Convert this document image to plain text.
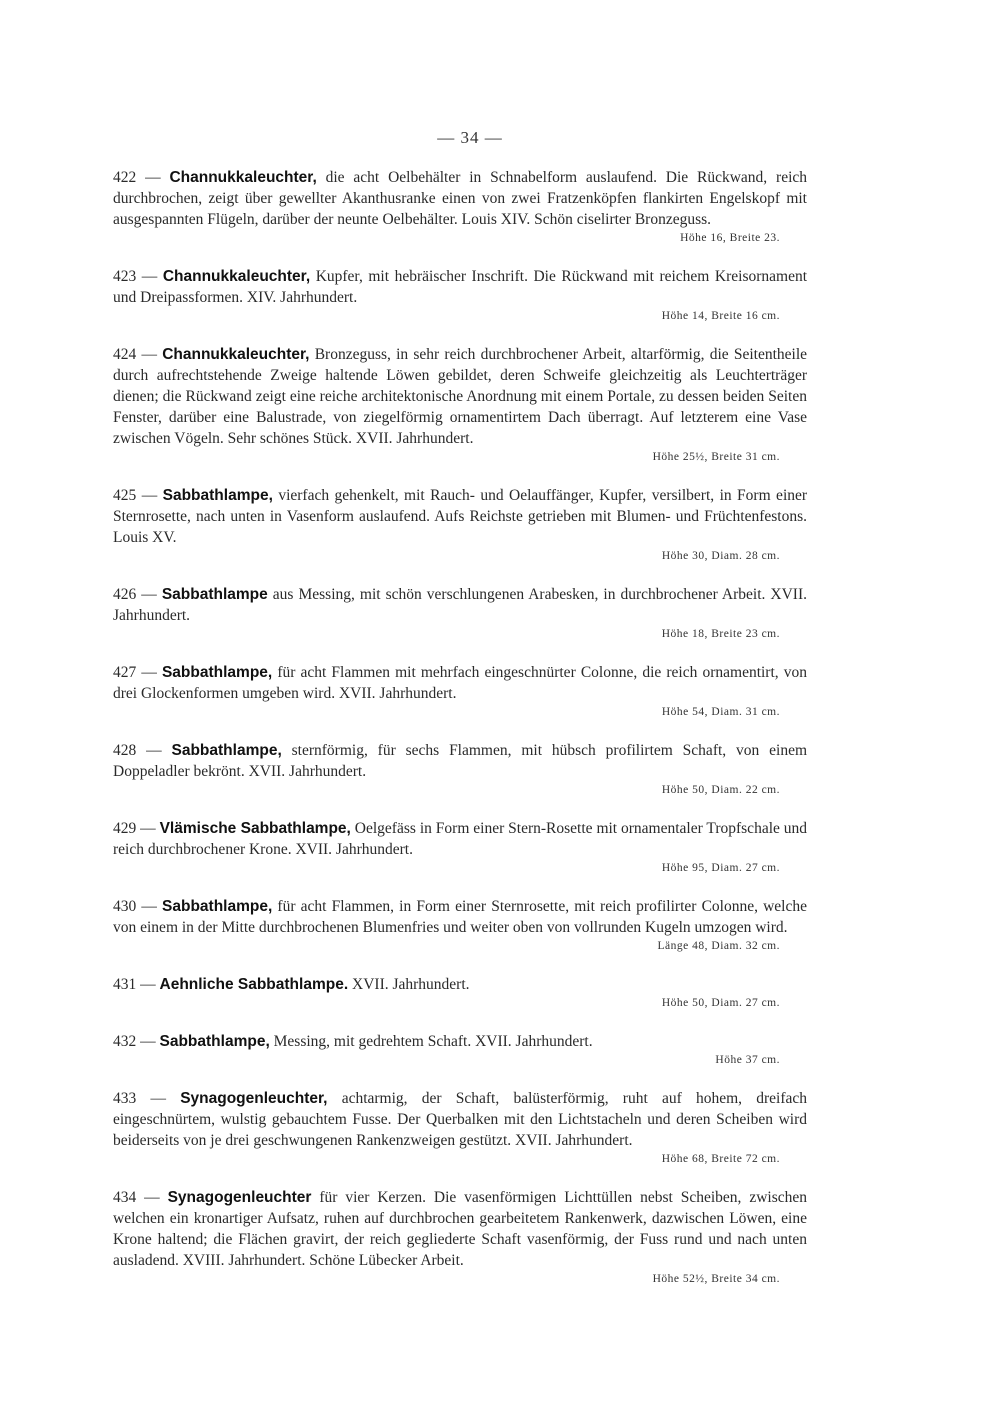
— 34 —

422 — Channukkaleuchter, die acht Oelbehälter in Schnabelform auslaufend. Die Rückwand, reich durchbrochen, zeigt über gewellter Akanthusranke einen von zwei Fratzenköpfen flankirten Engelskopf mit ausgespannten Flügeln, darüber der neunte Oelbehälter. Louis XIV. Schön ciselirter Bronzeguss.
Höhe 16, Breite 23.

423 — Channukkaleuchter, Kupfer, mit hebräischer Inschrift. Die Rückwand mit reichem Kreisornament und Dreipassformen. XIV. Jahrhundert.
Höhe 14, Breite 16 cm.

424 — Channukkaleuchter, Bronzeguss, in sehr reich durchbrochener Arbeit, altarförmig, die Seitentheile durch aufrechtstehende Zweige haltende Löwen gebildet, deren Schweife gleichzeitig als Leuchterträger dienen; die Rückwand zeigt eine reiche architektonische Anordnung mit einem Portale, zu dessen beiden Seiten Fenster, darüber eine Balustrade, von ziegelförmig ornamentirtem Dach überragt. Auf letzterem eine Vase zwischen Vögeln. Sehr schönes Stück. XVII. Jahrhundert.
Höhe 25½, Breite 31 cm.

425 — Sabbathlampe, vierfach gehenkelt, mit Rauch- und Oelauffänger, Kupfer, versilbert, in Form einer Sternrosette, nach unten in Vasenform auslaufend. Aufs Reichste getrieben mit Blumen- und Früchtenfestons. Louis XV.
Höhe 30, Diam. 28 cm.

426 — Sabbathlampe aus Messing, mit schön verschlungenen Arabesken, in durchbrochener Arbeit. XVII. Jahrhundert.
Höhe 18, Breite 23 cm.

427 — Sabbathlampe, für acht Flammen mit mehrfach eingeschnürter Colonne, die reich ornamentirt, von drei Glockenformen umgeben wird. XVII. Jahrhundert.
Höhe 54, Diam. 31 cm.

428 — Sabbathlampe, sternförmig, für sechs Flammen, mit hübsch profilirtem Schaft, von einem Doppeladler bekrönt. XVII. Jahrhundert.
Höhe 50, Diam. 22 cm.

429 — Vlämische Sabbathlampe, Oelgefäss in Form einer Stern-Rosette mit ornamentaler Tropfschale und reich durchbrochener Krone. XVII. Jahrhundert.
Höhe 95, Diam. 27 cm.

430 — Sabbathlampe, für acht Flammen, in Form einer Sternrosette, mit reich profilirter Colonne, welche von einem in der Mitte durchbrochenen Blumenfries und weiter oben von vollrunden Kugeln umzogen wird.
Länge 48, Diam. 32 cm.

431 — Aehnliche Sabbathlampe. XVII. Jahrhundert.
Höhe 50, Diam. 27 cm.

432 — Sabbathlampe, Messing, mit gedrehtem Schaft. XVII. Jahrhundert.
Höhe 37 cm.

433 — Synagogenleuchter, achtarmig, der Schaft, balüsterförmig, ruht auf hohem, dreifach eingeschnürtem, wulstig gebauchtem Fusse. Der Querbalken mit den Lichtstacheln und deren Scheiben wird beiderseits von je drei geschwungenen Rankenzweigen gestützt. XVII. Jahrhundert.
Höhe 68, Breite 72 cm.

434 — Synagogenleuchter für vier Kerzen. Die vasenförmigen Lichttüllen nebst Scheiben, zwischen welchen ein kronartiger Aufsatz, ruhen auf durchbrochen gearbeitetem Rankenwerk, dazwischen Löwen, eine Krone haltend; die Flächen gravirt, der reich gegliederte Schaft vasenförmig, der Fuss rund und nach unten ausladend. XVIII. Jahrhundert. Schöne Lübecker Arbeit.
Höhe 52½, Breite 34 cm.
